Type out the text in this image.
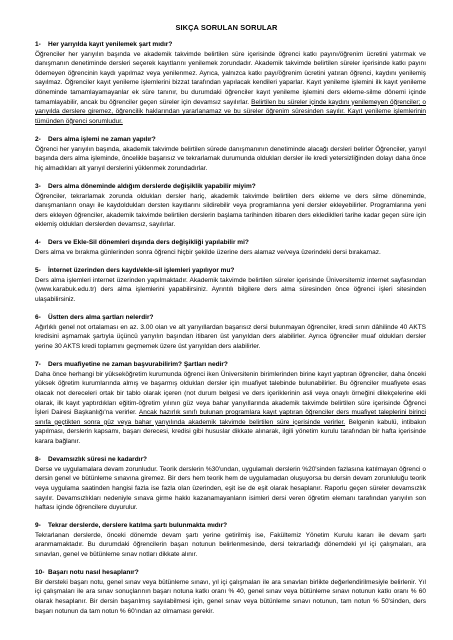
SIKÇA SORULAN SORULAR
1- Her yarıyılda kayıt yenilemek şart mıdır?
Öğrenciler her yarıyılın başında ve akademik takvimde belirtilen süre içerisinde öğrenci katkı payını/öğrenim ücretini yatırmak ve danışmanın denetiminde dersleri seçerek kayıtlarını yenilemek zorundadır. Akademik takvimde belirtilen süreler içerisinde katkı payını ödemeyen öğrencinin kaydı yapılmaz veya yenilenmez. Ayrıca, yalnızca katkı payı/öğrenim ücretini yatıran öğrenci, kaydını yenilemiş sayılmaz. Öğrenciler kayıt yenileme işlemlerini bizzat tarafından yapılacak kendileri yaparlar. Kayıt yenileme işlemini ilk kayıt yenileme döneminde tamamlayamayanlar ek süre tanınır, bu durumdaki öğrenciler kayıt yenileme işlemini ders ekleme-silme dönemi içinde tamamlayabilir, ancak bu öğrenciler geçen süreler için devamsız sayılırlar. Belirtilen bu süreler içinde kaydını yenilemeyen öğrenciler; o yarıyılda derslere giremez, öğrencilik haklarından yararlanamaz ve bu süreler öğrenim süresinden sayılır. Kayıt yenileme işlemlerinin tümünden öğrenci sorumludur.
2- Ders alma işlemi ne zaman yapılır?
Öğrenci her yarıyılın başında, akademik takvimde belirtilen sürede danışmanının denetiminde alacağı dersleri belirler Öğrenciler, yarıyıl başında ders alma işleminde, öncelikle başarısız ve tekrarlamak durumunda oldukları dersler ile kredi yetersizliğinden dolayı daha önce hiç almadıkları alt yarıyıl derslerini yüklenmek zorundadırlar.
3- Ders alma döneminde aldığım derslerde değişiklik yapabilir miyim?
Öğrenciler, tekrarlamak zorunda oldukları dersler hariç, akademik takvimde belirtilen ders ekleme ve ders silme döneminde, danışmanların onayı ile kaydoldukları dersten kayıtlarını sildirebilir veya programlarına yeni dersler ekleyebilirler. Programlarına yeni ders ekleyen öğrenciler, akademik takvimde belirtilen derslerin başlama tarihinden itibaren ders eklediklleri tarihe kadar geçen süre için eklemiş oldukları derslerden devamsız, sayılırlar.
4- Ders ve Ekle-Sil dönemleri dışında ders değişikliği yapılabilir mi?
Ders alma ve bırakma günlerinden sonra öğrenci hiçbir şekilde üzerine ders alamaz ve/veya üzerindeki dersi bırakamaz.
5- İnternet üzerinden ders kaydı/ekle-sil işlemleri yapılıyor mu?
Ders alma işlemleri internet üzerinden yapılmaktadır. Akademik takvimde belirtilen süreler içerisinde Üniversitemiz internet sayfasından (www.karabuk.edu.tr) ders alma işlemlerini yapabilirsiniz. Ayrıntılı bilgilere ders alma süresinden önce öğrenci işleri sitesinden ulaşabilirsiniz.
6- Üstten ders alma şartları nelerdir?
Ağırlıklı genel not ortalaması en az. 3.00 olan ve alt yarıyıllardan başarısız dersi bulunmayan öğrenciler, kredi sınırı dâhilinde 40 AKTS kredisini aşmamak şartıyla üçüncü yarıyılın başından itibaren üst yarıyıldan ders alabilirler. Ayrıca öğrenciler muaf oldukları dersler yerine 30 AKTS kredi toplamını geçmemek üzere üst yarıyıldan ders alabilirler.
7- Ders muafiyetine ne zaman başvurabilirim? Şartları nedir?
Daha önce herhangi bir yükseköğretim kurumunda öğrenci iken Üniversitenin birimlerinden birine kayıt yaptıran öğrenciler, daha önceki yüksek öğretim kurumlarında almış ve başarmış oldukları dersler için muafiyet talebinde bulunabilirler. Bu öğrenciler muafiyete esas olacak not dereceleri ortak bir tablo olarak içeren (not durum belgesi ve ders içeriklerinin asli veya onaylı örneğini dilekçelerine ekli olarak, ilk kayıt yaptırdıkları eğitim-öğretim yılının güz veya bahar yarıyıllarında akademik takvimde belirtilen süre içerisinde Öğrenci İşleri Dairesi Başkanlığı'na verirler. Ancak hazırlık sınıfı bulunan programlara kayıt yaptıran öğrenciler ders muafiyet taleplerini birinci sınıfa geçtikten sonra güz veya bahar yarıyılında akademik takvimde belirtilen süre içerisinde verirler. Belgenin kabulü, intibakın yapılması, derslerin kapsamı, başarı derecesi, kredisi gibi hususlar dikkate alınarak, ilgili yönetim kurulu tarafından bir hafta içerisinde karara bağlanır.
8- Devamsızlık süresi ne kadardır?
Derse ve uygulamalara devam zorunludur. Teorik derslerin %30'undan, uygulamalı derslerin %20'sinden fazlasına katılmayan öğrenci o dersin genel ve bütünleme sınavına giremez. Bir ders hem teorik hem de uygulamadan oluşuyorsa bu dersin devam zorunluluğu teorik veya uygulama saatinden hangisi fazla ise fazla olan üzerinden, eşit ise de eşit olarak hesaplanır. Raporlu geçen süreler devamsızlık sayılır. Devamsızlıkları nedeniyle sınava girme hakkı kazanamayanların isimleri dersi veren öğretim elemanı tarafından yarıyılın son haftası içinde öğrencilere duyurulur.
9- Tekrar derslerde, derslere katılma şartı bulunmakta mıdır?
Tekrarlanan derslerde, önceki dönemde devam şartı yerine getirilmiş ise, Fakültemiz Yönetim Kurulu kararı ile devam şartı aranmamaktadır. Bu durumdaki öğrencilerin başarı notunun belirlenmesinde, dersi tekrarladığı dönemdeki yıl içi çalışmaları, ara sınavları, genel ve bütünleme sınav notları dikkate alınır.
10- Başarı notu nasıl hesaplanır?
Bir dersteki başarı notu, genel sınav veya bütünleme sınavı, yıl içi çalışmaları ile ara sınavları birlikte değerlendirilmesiyle belirlenir. Yıl içi çalışmaları ile ara sınav sonuçlarının başarı notuna katkı oranı % 40, genel sınav veya bütünleme sınavı notunun katkı oranı % 60 olarak hesaplanır. Bir dersin başarılmış sayılabilmesi için, genel sınav veya bütünleme sınavı notunun, tam notun % 50'sinden, ders başarı notunun da tam notun % 60'ından az olmaması gerekir.
